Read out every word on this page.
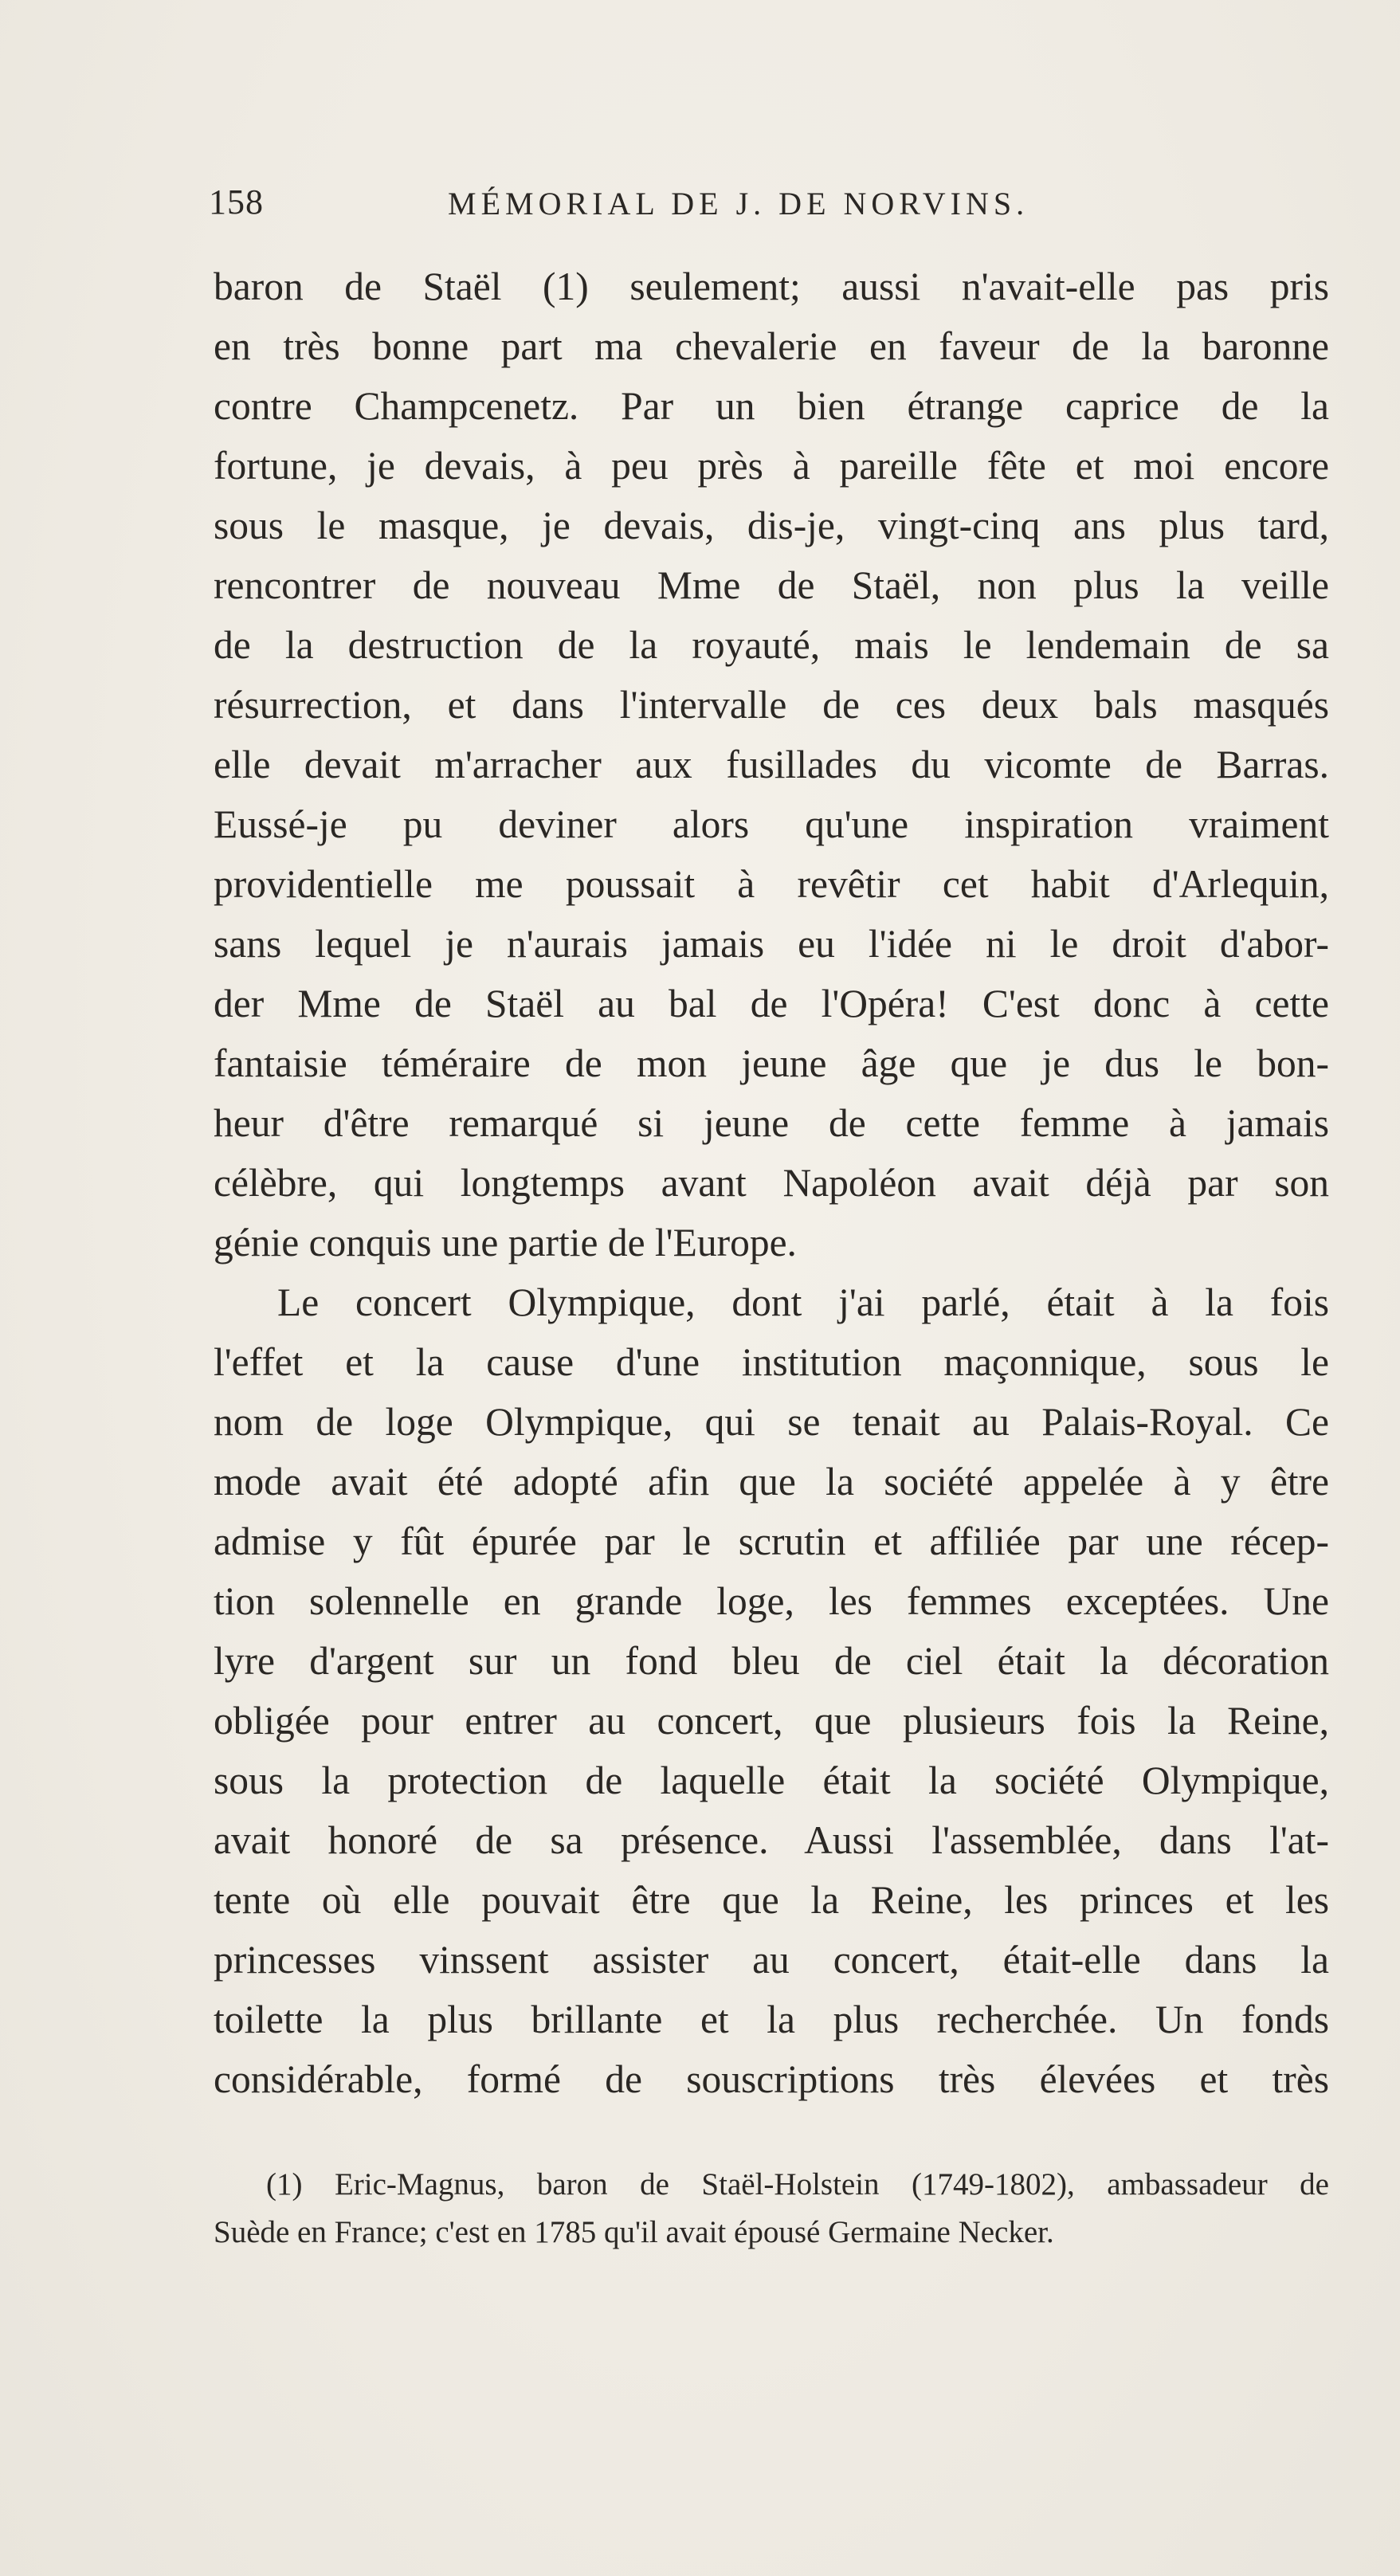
158	MÉMORIAL DE J. DE NORVINS.
baron de Staël (1) seulement; aussi n'avait-elle pas pris
en très bonne part ma chevalerie en faveur de la baronne
contre Champcenetz. Par un bien étrange caprice de la
fortune, je devais, à peu près à pareille fête et moi encore
sous le masque, je devais, dis-je, vingt-cinq ans plus tard,
rencontrer de nouveau Mme de Staël, non plus la veille
de la destruction de la royauté, mais le lendemain de sa
résurrection, et dans l'intervalle de ces deux bals masqués
elle devait m'arracher aux fusillades du vicomte de Barras.
Eussé-je pu deviner alors qu'une inspiration vraiment
providentielle me poussait à revêtir cet habit d'Arlequin,
sans lequel je n'aurais jamais eu l'idée ni le droit d'abor-
der Mme de Staël au bal de l'Opéra! C'est donc à cette
fantaisie téméraire de mon jeune âge que je dus le bon-
heur d'être remarqué si jeune de cette femme à jamais
célèbre, qui longtemps avant Napoléon avait déjà par son
génie conquis une partie de l'Europe.
Le concert Olympique, dont j'ai parlé, était à la fois
l'effet et la cause d'une institution maçonnique, sous le
nom de loge Olympique, qui se tenait au Palais-Royal. Ce
mode avait été adopté afin que la société appelée à y être
admise y fût épurée par le scrutin et affiliée par une récep-
tion solennelle en grande loge, les femmes exceptées. Une
lyre d'argent sur un fond bleu de ciel était la décoration
obligée pour entrer au concert, que plusieurs fois la Reine,
sous la protection de laquelle était la société Olympique,
avait honoré de sa présence. Aussi l'assemblée, dans l'at-
tente où elle pouvait être que la Reine, les princes et les
princesses vinssent assister au concert, était-elle dans la
toilette la plus brillante et la plus recherchée. Un fonds
considérable, formé de souscriptions très élevées et très
(1) Eric-Magnus, baron de Staël-Holstein (1749-1802), ambassadeur de
Suède en France; c'est en 1785 qu'il avait épousé Germaine Necker.
